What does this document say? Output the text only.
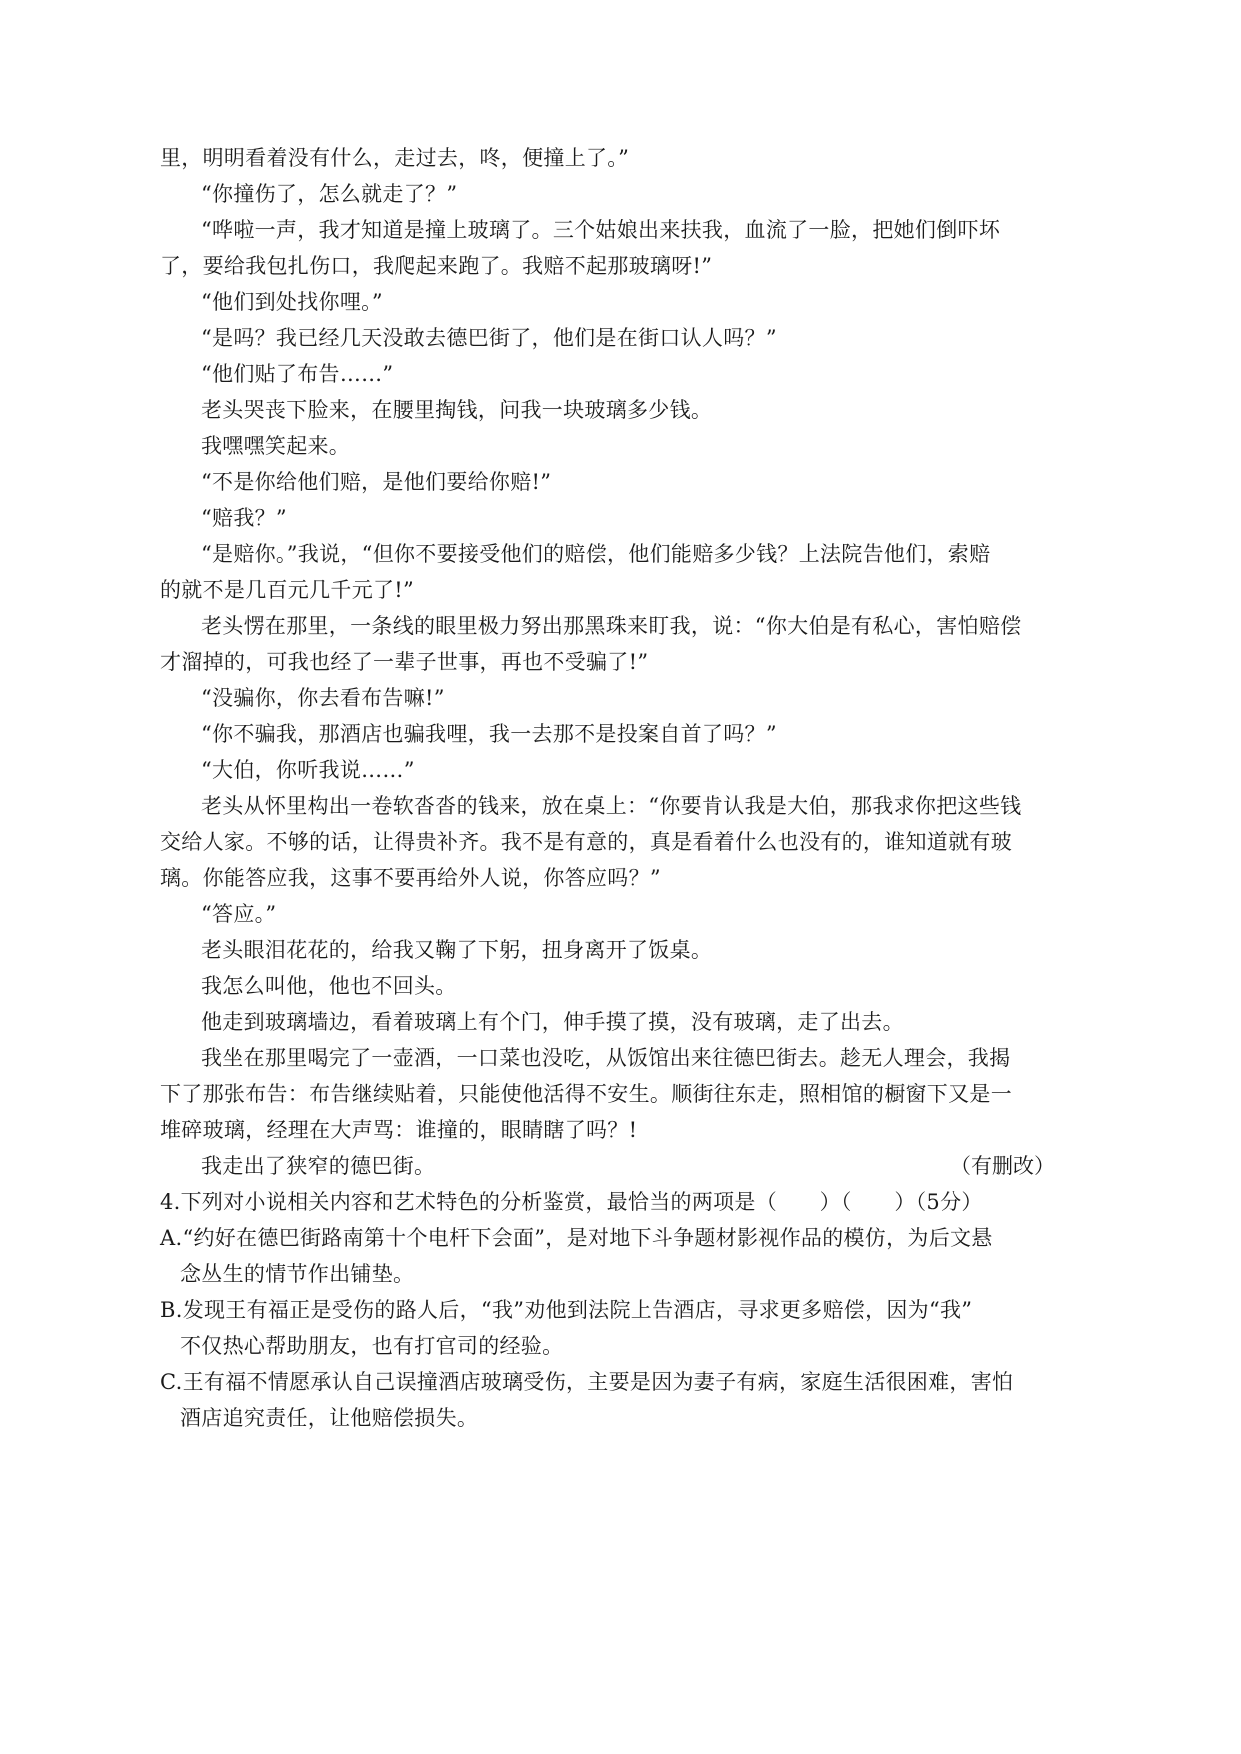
里，明明看着没有什么，走过去，咚，便撞上了。”
“你撞伤了，怎么就走了？”
“哗啦一声，我才知道是撞上玻璃了。三个姑娘出来扶我，血流了一脸，把她们倒吓坏
了，要给我包扎伤口，我爬起来跑了。我赔不起那玻璃呀!”
“他们到处找你哩。”
“是吗？我已经几天没敢去德巴街了，他们是在街口认人吗？”
“他们贴了布告……”
老头哭丧下脸来，在腰里掏钱，问我一块玻璃多少钱。
我嘿嘿笑起来。
“不是你给他们赔，是他们要给你赔!”
“赔我？”
“是赔你。”我说，“但你不要接受他们的赔偿，他们能赔多少钱？上法院告他们，索赔
的就不是几百元几千元了!”
老头愣在那里，一条线的眼里极力努出那黑珠来盯我，说：“你大伯是有私心，害怕赔偿
才溜掉的，可我也经了一辈子世事，再也不受骗了!”
“没骗你，你去看布告嘛!”
“你不骗我，那酒店也骗我哩，我一去那不是投案自首了吗？”
“大伯，你听我说……”
老头从怀里构出一卷软沓沓的钱来，放在桌上：“你要肯认我是大伯，那我求你把这些钱
交给人家。不够的话，让得贵补齐。我不是有意的，真是看着什么也没有的，谁知道就有玻
璃。你能答应我，这事不要再给外人说，你答应吗？”
“答应。”
老头眼泪花花的，给我又鞠了下躬，扭身离开了饭桌。
我怎么叫他，他也不回头。
他走到玻璃墙边，看着玻璃上有个门，伸手摸了摸，没有玻璃，走了出去。
我坐在那里喝完了一壶酒，一口菜也没吃，从饭馆出来往德巴街去。趁无人理会，我揭
下了那张布告：布告继续贴着，只能使他活得不安生。顺街往东走，照相馆的橱窗下又是一
堆碎玻璃，经理在大声骂：谁撞的，眼睛瞎了吗？!
我走出了狭窄的德巴街。	（有删改）
4.下列对小说相关内容和艺术特色的分析鉴赏，最恰当的两项是（　　）（　　）（5分）
A.“约好在德巴街路南第十个电杆下会面”，是对地下斗争题材影视作品的模仿，为后文悬
念丛生的情节作出铺垫。
B.发现王有福正是受伤的路人后，“我”劝他到法院上告酒店，寻求更多赔偿，因为“我”
不仅热心帮助朋友，也有打官司的经验。
C.王有福不情愿承认自己误撞酒店玻璃受伤，主要是因为妻子有病，家庭生活很困难，害怕
酒店追究责任，让他赔偿损失。
